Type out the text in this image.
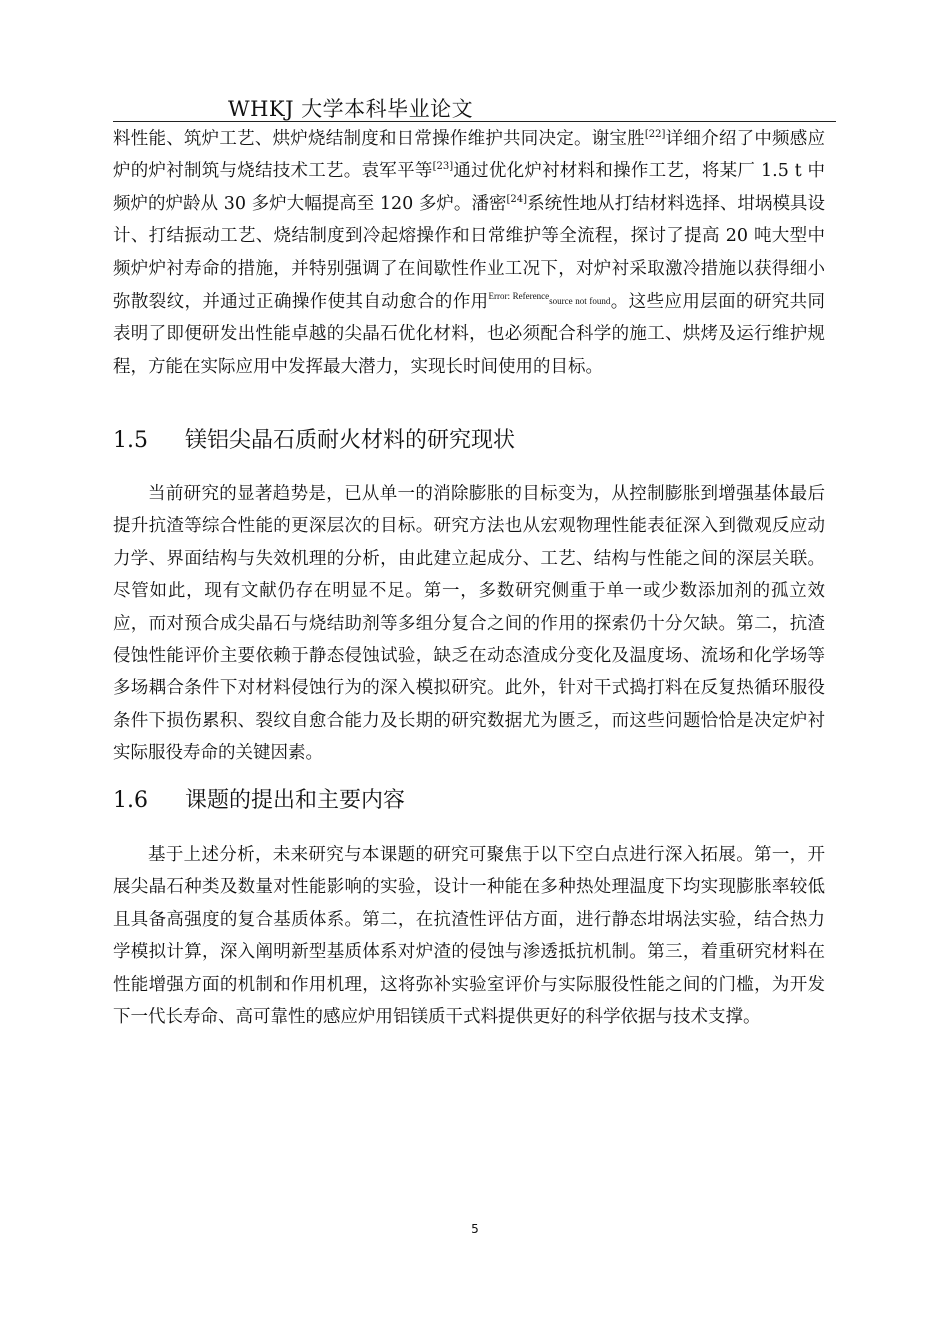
WHKJ 大学本科毕业论文

料性能、筑炉工艺、烘炉烧结制度和日常操作维护共同决定。谢宝胜[22]详细介绍了中频感应炉的炉衬制筑与烧结技术工艺。袁军平等[23]通过优化炉衬材料和操作工艺，将某厂 1.5 t 中频炉的炉龄从 30 多炉大幅提高至 120 多炉。潘密[24]系统性地从打结材料选择、坩埚模具设计、打结振动工艺、烧结制度到冷起熔操作和日常维护等全流程，探讨了提高 20 吨大型中频炉炉衬寿命的措施，并特别强调了在间歇性作业工况下，对炉衬采取激冷措施以获得细小弥散裂纹，并通过正确操作使其自动愈合的作用$^{Error: Reference}$source not found。这些应用层面的研究共同表明了即便研发出性能卓越的尖晶石优化材料，也必须配合科学的施工、烘烤及运行维护规程，方能在实际应用中发挥最大潜力，实现长时间使用的目标。

1.5 镁铝尖晶石质耐火材料的研究现状

当前研究的显著趋势是，已从单一的消除膨胀的目标变为，从控制膨胀到增强基体最后提升抗渣等综合性能的更深层次的目标。研究方法也从宏观物理性能表征深入到微观反应动力学、界面结构与失效机理的分析，由此建立起成分、工艺、结构与性能之间的深层关联。尽管如此，现有文献仍存在明显不足。第一，多数研究侧重于单一或少数添加剂的孤立效应，而对预合成尖晶石与烧结助剂等多组分复合之间的作用的探索仍十分欠缺。第二，抗渣侵蚀性能评价主要依赖于静态侵蚀试验，缺乏在动态渣成分变化及温度场、流场和化学场等多场耦合条件下对材料侵蚀行为的深入模拟研究。此外，针对干式捣打料在反复热循环服役条件下损伤累积、裂纹自愈合能力及长期的研究数据尤为匮乏，而这些问题恰恰是决定炉衬实际服役寿命的关键因素。

1.6 课题的提出和主要内容

基于上述分析，未来研究与本课题的研究可聚焦于以下空白点进行深入拓展。第一，开展尖晶石种类及数量对性能影响的实验，设计一种能在多种热处理温度下均实现膨胀率较低且具备高强度的复合基质体系。第二，在抗渣性评估方面，进行静态坩埚法实验，结合热力学模拟计算，深入阐明新型基质体系对炉渣的侵蚀与渗透抵抗机制。第三，着重研究材料在性能增强方面的机制和作用机理，这将弥补实验室评价与实际服役性能之间的门槛，为开发下一代长寿命、高可靠性的感应炉用铝镁质干式料提供更好的科学依据与技术支撑。

5
